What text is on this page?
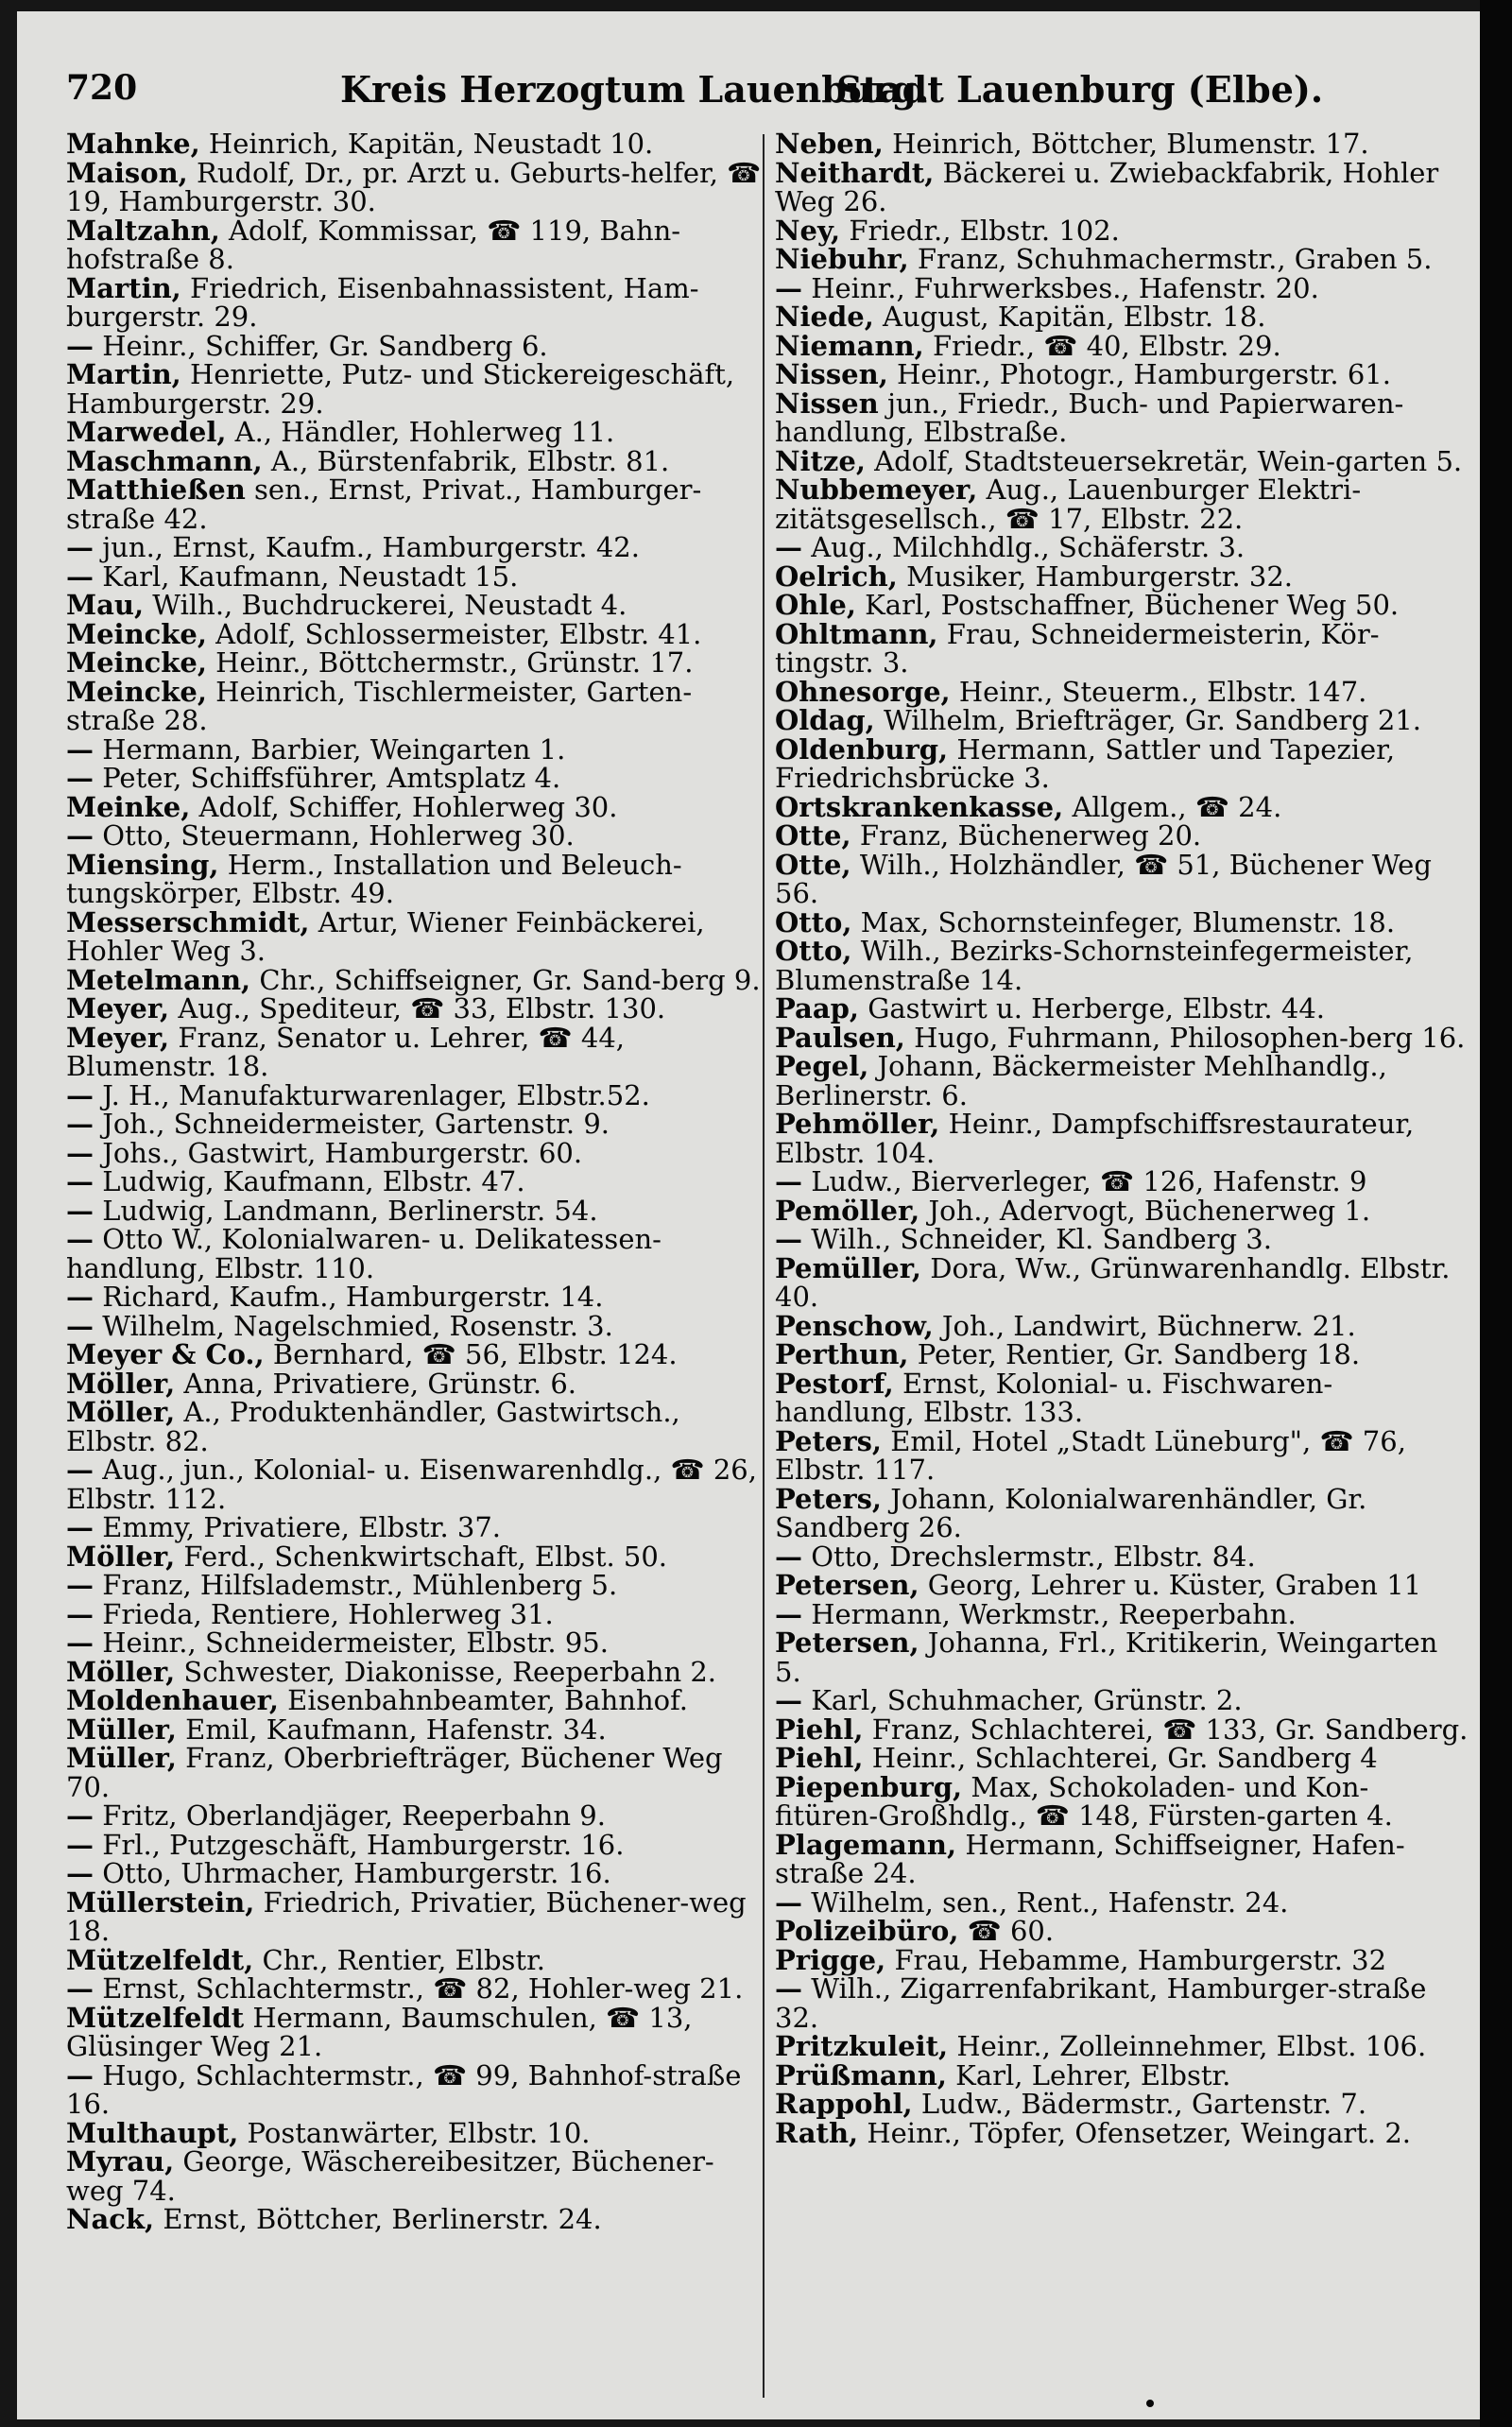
720	Kreis Herzogtum Lauenburg.
Stadt Lauenburg (Elbe).

Mahnke, Heinrich, Kapitän, Neustadt 10.

Maison, Rudolf, Dr., pr. Arzt u. Geburts-helfer, ☎ 19, Hamburgerstr. 30.

Maltzahn, Adolf, Kommissar, ☎ 119, Bahn-hofstraße 8.

Martin, Friedrich, Eisenbahnassistent, Ham-burgerstr. 29.

— Heinr., Schiffer, Gr. Sandberg 6.

Martin, Henriette, Putz- und Stickereigeschäft, Hamburgerstr. 29.

Marwedel, A., Händler, Hohlerweg 11.

Maschmann, A., Bürstenfabrik, Elbstr. 81.

Matthießen sen., Ernst, Privat., Hamburger-straße 42.

— jun., Ernst, Kaufm., Hamburgerstr. 42.

— Karl, Kaufmann, Neustadt 15.

Mau, Wilh., Buchdruckerei, Neustadt 4.

Meincke, Adolf, Schlossermeister, Elbstr. 41.

Meincke, Heinr., Böttchermstr., Grünstr. 17.

Meincke, Heinrich, Tischlermeister, Garten-straße 28.

— Hermann, Barbier, Weingarten 1.

— Peter, Schiffsführer, Amtsplatz 4.

Meinke, Adolf, Schiffer, Hohlerweg 30.

— Otto, Steuermann, Hohlerweg 30.

Miensing, Herm., Installation und Beleuch-tungskörper, Elbstr. 49.

Messerschmidt, Artur, Wiener Feinbäckerei, Hohler Weg 3.

Metelmann, Chr., Schiffseigner, Gr. Sand-berg 9.

Meyer, Aug., Spediteur, ☎ 33, Elbstr. 130.

Meyer, Franz, Senator u. Lehrer, ☎ 44, Blumenstr. 18.

— J. H., Manufakturwarenlager, Elbstr.52.

— Joh., Schneidermeister, Gartenstr. 9.

— Johs., Gastwirt, Hamburgerstr. 60.

— Ludwig, Kaufmann, Elbstr. 47.

— Ludwig, Landmann, Berlinerstr. 54.

— Otto W., Kolonialwaren- u. Delikatessen-handlung, Elbstr. 110.

— Richard, Kaufm., Hamburgerstr. 14.

— Wilhelm, Nagelschmied, Rosenstr. 3.

Meyer & Co., Bernhard, ☎ 56, Elbstr. 124.

Möller, Anna, Privatiere, Grünstr. 6.

Möller, A., Produktenhändler, Gastwirtsch., Elbstr. 82.

— Aug., jun., Kolonial- u. Eisenwarenhdlg., ☎ 26, Elbstr. 112.

— Emmy, Privatiere, Elbstr. 37.

Möller, Ferd., Schenkwirtschaft, Elbst. 50.

— Franz, Hilfslademstr., Mühlenberg 5.

— Frieda, Rentiere, Hohlerweg 31.

— Heinr., Schneidermeister, Elbstr. 95.

Möller, Schwester, Diakonisse, Reeperbahn 2.

Moldenhauer, Eisenbahnbeamter, Bahnhof.

Müller, Emil, Kaufmann, Hafenstr. 34.

Müller, Franz, Oberbriefträger, Büchener Weg 70.

— Fritz, Oberlandjäger, Reeperbahn 9.

— Frl., Putzgeschäft, Hamburgerstr. 16.

— Otto, Uhrmacher, Hamburgerstr. 16.

Müllerstein, Friedrich, Privatier, Büchener-weg 18.

Mützelfeldt, Chr., Rentier, Elbstr.

— Ernst, Schlachtermstr., ☎ 82, Hohler-weg 21.

Mützelfeldt Hermann, Baumschulen, ☎ 13, Glüsinger Weg 21.

— Hugo, Schlachtermstr., ☎ 99, Bahnhof-straße 16.

Multhaupt, Postanwärter, Elbstr. 10.

Myrau, George, Wäschereibesitzer, Büchener-weg 74.

Nack, Ernst, Böttcher, Berlinerstr. 24.

Neben, Heinrich, Böttcher, Blumenstr. 17.

Neithardt, Bäckerei u. Zwiebackfabrik, Hohler Weg 26.

Ney, Friedr., Elbstr. 102.

Niebuhr, Franz, Schuhmachermstr., Graben 5.

— Heinr., Fuhrwerksbes., Hafenstr. 20.

Niede, August, Kapitän, Elbstr. 18.

Niemann, Friedr., ☎ 40, Elbstr. 29.

Nissen, Heinr., Photogr., Hamburgerstr. 61.

Nissen jun., Friedr., Buch- und Papierwaren-handlung, Elbstraße.

Nitze, Adolf, Stadtsteuersekretär, Wein-garten 5.

Nubbemeyer, Aug., Lauenburger Elektri-zitätsgesellsch., ☎ 17, Elbstr. 22.

— Aug., Milchhdlg., Schäferstr. 3.

Oelrich, Musiker, Hamburgerstr. 32.

Ohle, Karl, Postschaffner, Büchener Weg 50.

Ohltmann, Frau, Schneidermeisterin, Kör-tingstr. 3.

Ohnesorge, Heinr., Steuerm., Elbstr. 147.

Oldag, Wilhelm, Briefträger, Gr. Sandberg 21.

Oldenburg, Hermann, Sattler und Tapezier, Friedrichsbrücke 3.

Ortskrankenkasse, Allgem., ☎ 24.

Otte, Franz, Büchenerweg 20.

Otte, Wilh., Holzhändler, ☎ 51, Büchener Weg 56.

Otto, Max, Schornsteinfeger, Blumenstr. 18.

Otto, Wilh., Bezirks-Schornsteinfegermeister, Blumenstraße 14.

Paap, Gastwirt u. Herberge, Elbstr. 44.

Paulsen, Hugo, Fuhrmann, Philosophen-berg 16.

Pegel, Johann, Bäckermeister Mehlhandlg., Berlinerstr. 6.

Pehmöller, Heinr., Dampfschiffsrestaurateur, Elbstr. 104.

— Ludw., Bierverleger, ☎ 126, Hafenstr. 9

Pemöller, Joh., Adervogt, Büchenerweg 1.

— Wilh., Schneider, Kl. Sandberg 3.

Pemüller, Dora, Ww., Grünwarenhandlg. Elbstr. 40.

Penschow, Joh., Landwirt, Büchnerw. 21.

Perthun, Peter, Rentier, Gr. Sandberg 18.

Pestorf, Ernst, Kolonial- u. Fischwaren-handlung, Elbstr. 133.

Peters, Emil, Hotel „Stadt Lüneburg", ☎ 76, Elbstr. 117.

Peters, Johann, Kolonialwarenhändler, Gr. Sandberg 26.

— Otto, Drechslermstr., Elbstr. 84.

Petersen, Georg, Lehrer u. Küster, Graben 11

— Hermann, Werkmstr., Reeperbahn.

Petersen, Johanna, Frl., Kritikerin, Weingarten 5.

— Karl, Schuhmacher, Grünstr. 2.

Piehl, Franz, Schlachterei, ☎ 133, Gr. Sandberg.

Piehl, Heinr., Schlachterei, Gr. Sandberg 4

Piepenburg, Max, Schokoladen- und Kon-fitüren-Großhdlg., ☎ 148, Fürsten-garten 4.

Plagemann, Hermann, Schiffseigner, Hafen-straße 24.

— Wilhelm, sen., Rent., Hafenstr. 24.

Polizeibüro, ☎ 60.

Prigge, Frau, Hebamme, Hamburgerstr. 32

— Wilh., Zigarrenfabrikant, Hamburger-straße 32.

Pritzkuleit, Heinr., Zolleinnehmer, Elbst. 106.

Prüßmann, Karl, Lehrer, Elbstr.

Rappohl, Ludw., Bädermstr., Gartenstr. 7.

Rath, Heinr., Töpfer, Ofensetzer, Weingart. 2.
